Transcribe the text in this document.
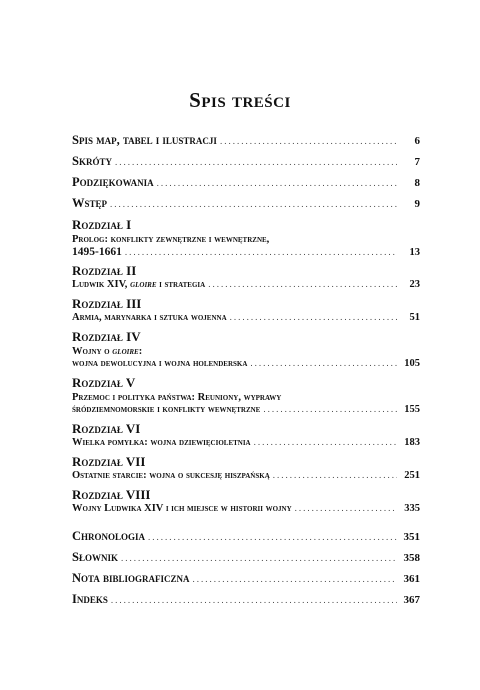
Spis treści
Spis map, tabel i ilustracji .....	6
Skróty .....	7
Podziękowania .....	8
Wstęp .....	9
Rozdział I
Prolog: konflikty zewnętrzne i wewnętrzne,
1495-1661 .....	13
Rozdział II
Ludwik XIV, gloire i strategia .....	23
Rozdział III
Armia, marynarka i sztuka wojenna .....	51
Rozdział IV
Wojny o gloire:
wojna dewolucyjna i wojna holenderska .....	105
Rozdział V
Przemoc i polityka państwa: Reuniony, wyprawy
śródziemnomorskie i konflikty wewnętrzne .....	155
Rozdział VI
Wielka pomyłka: wojna dziewięcioletnia .....	183
Rozdział VII
Ostatnie starcie: wojna o sukcesję hiszpańską .....	251
Rozdział VIII
Wojny Ludwika XIV i ich miejsce w historii wojny .....	335
Chronologia .....	351
Słownik .....	358
Nota bibliograficzna .....	361
Indeks .....	367
